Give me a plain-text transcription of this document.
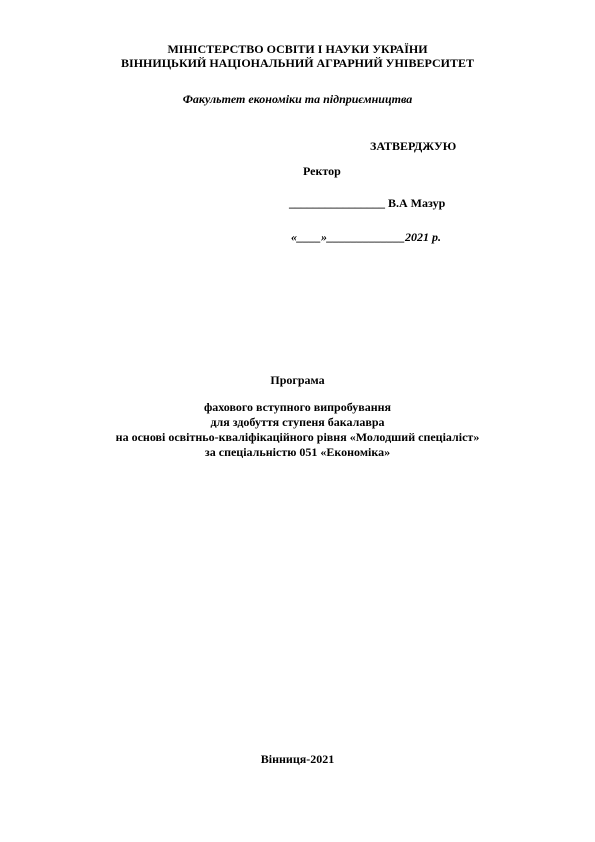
МІНІСТЕРСТВО ОСВІТИ І НАУКИ УКРАЇНИ
ВІННИЦЬКИЙ НАЦІОНАЛЬНИЙ АГРАРНИЙ УНІВЕРСИТЕТ
Факультет економіки та підприємництва
ЗАТВЕРДЖУЮ
Ректор
________________ В.А Мазур
«____»_____________2021 р.
Програма
фахового вступного випробування
для здобуття ступеня бакалавра
на основі освітньо-кваліфікаційного рівня «Молодший спеціаліст»
за спеціальністю 051 «Економіка»
Вінниця-2021
